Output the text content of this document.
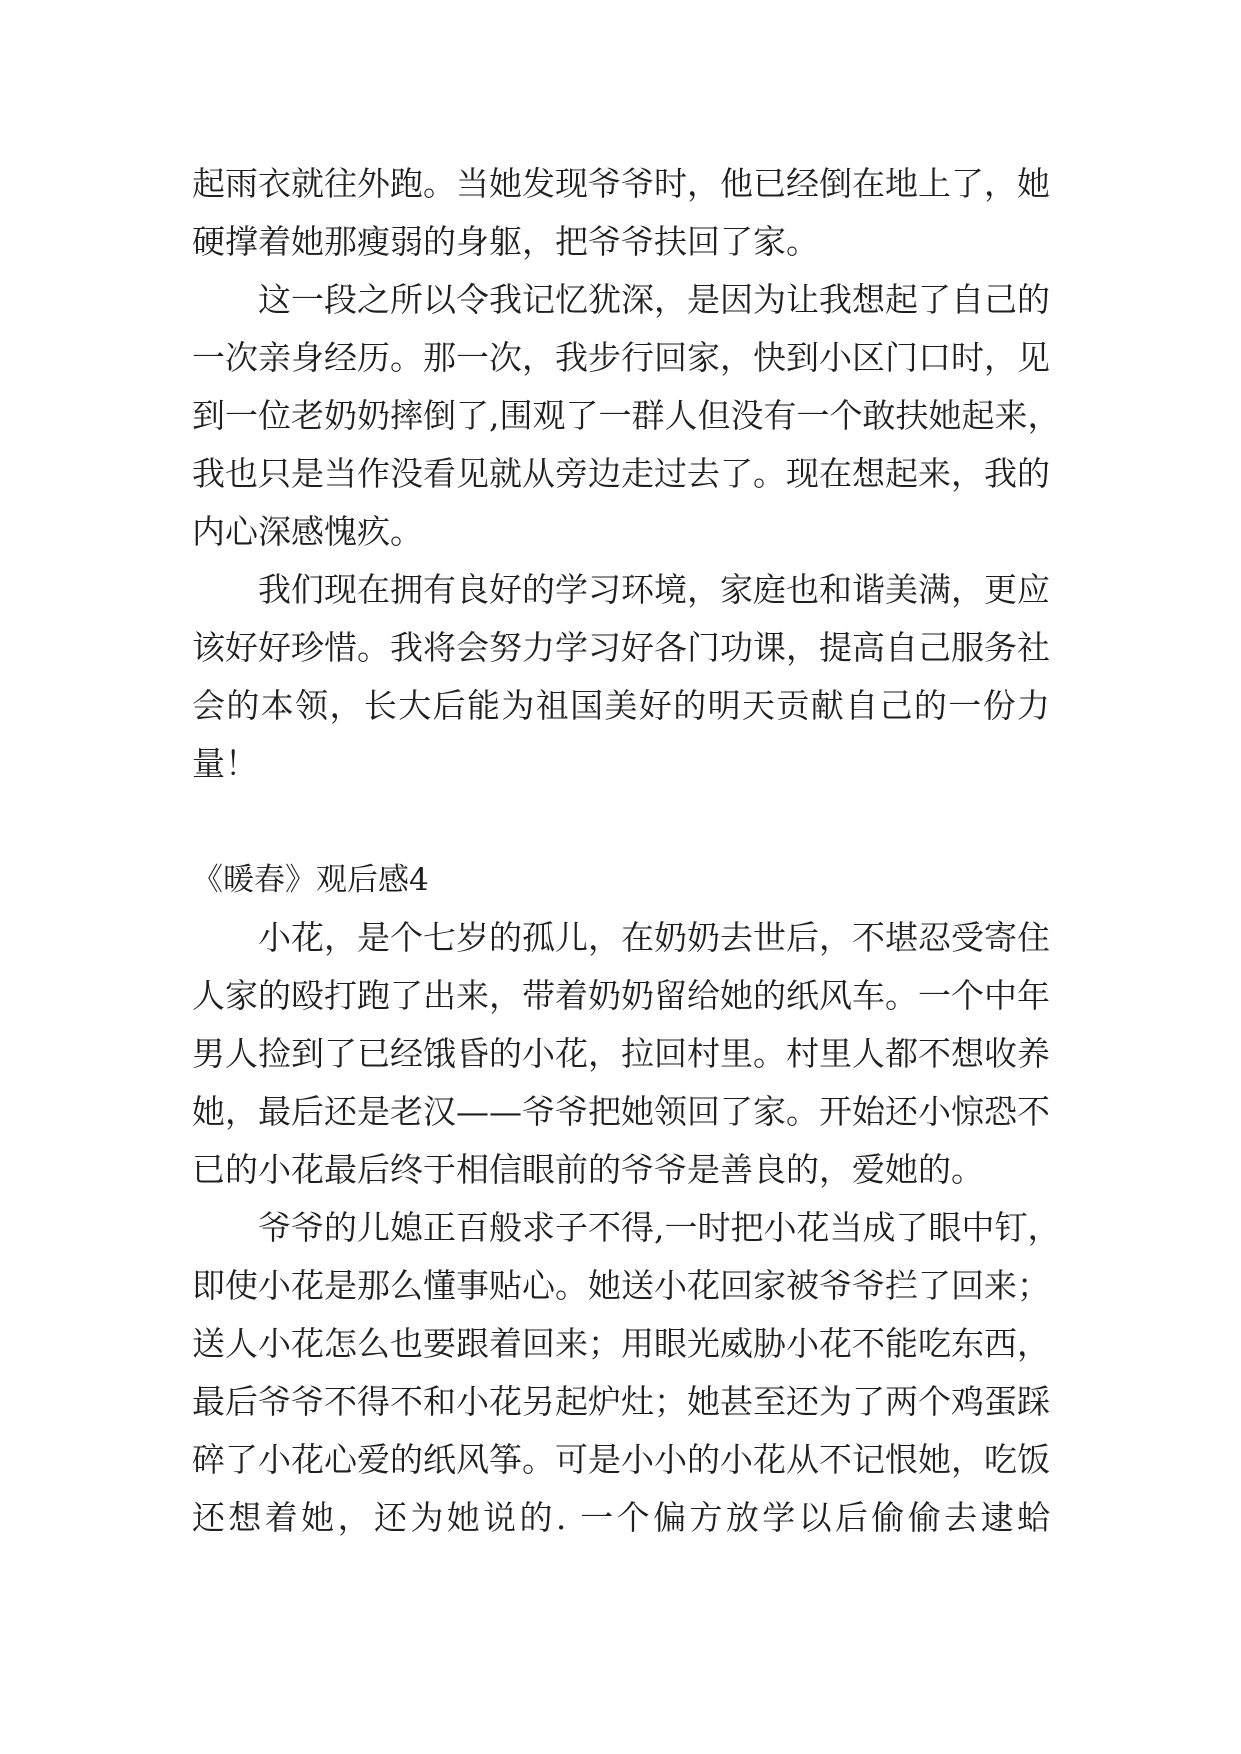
起雨衣就往外跑。当她发现爷爷时，他已经倒在地上了，她
硬撑着她那瘦弱的身躯，把爷爷扶回了家。
这一段之所以令我记忆犹深，是因为让我想起了自己的
一次亲身经历。那一次，我步行回家，快到小区门口时，见
到一位老奶奶摔倒了,围观了一群人但没有一个敢扶她起来，
我也只是当作没看见就从旁边走过去了。现在想起来，我的
内心深感愧疚。
我们现在拥有良好的学习环境，家庭也和谐美满，更应
该好好珍惜。我将会努力学习好各门功课，提高自己服务社
会的本领，长大后能为祖国美好的明天贡献自己的一份力
量！
《暖春》观后感4
小花，是个七岁的孤儿，在奶奶去世后，不堪忍受寄住
人家的殴打跑了出来，带着奶奶留给她的纸风车。一个中年
男人捡到了已经饿昏的小花，拉回村里。村里人都不想收养
她，最后还是老汉——爷爷把她领回了家。开始还小惊恐不
已的小花最后终于相信眼前的爷爷是善良的，爱她的。
爷爷的儿媳正百般求子不得,一时把小花当成了眼中钉，
即使小花是那么懂事贴心。她送小花回家被爷爷拦了回来；
送人小花怎么也要跟着回来；用眼光威胁小花不能吃东西，
最后爷爷不得不和小花另起炉灶；她甚至还为了两个鸡蛋踩
碎了小花心爱的纸风筝。可是小小的小花从不记恨她，吃饭
还想着她，还为她说的. 一个偏方放学以后偷偷去逮蛤
